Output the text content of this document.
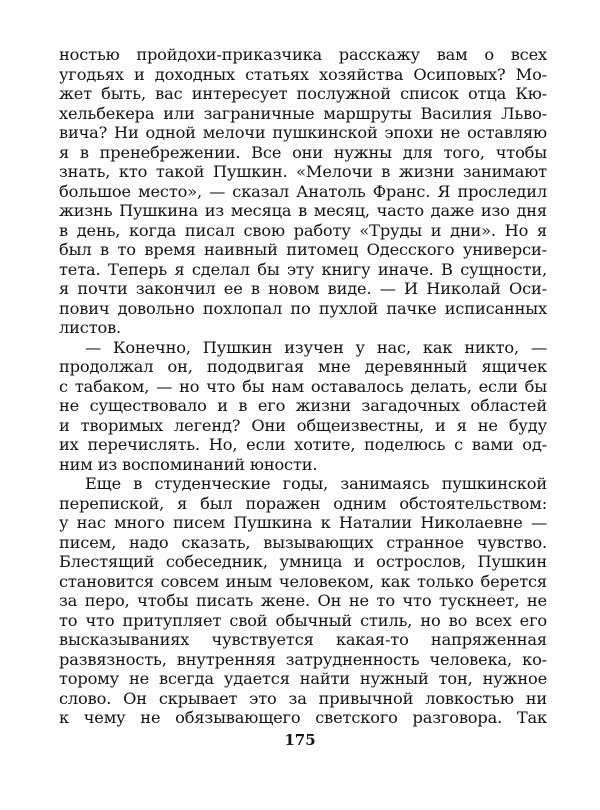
ностью пройдохи-приказчика расскажу вам о всех
угодьях и доходных статьях хозяйства Осиповых? Мо-
жет быть, вас интересует послужной список отца Кю-
хельбекера или заграничные маршруты Василия Льво-
вича? Ни одной мелочи пушкинской эпохи не оставляю
я в пренебрежении. Все они нужны для того, чтобы
знать, кто такой Пушкин. «Мелочи в жизни занимают
большое место», — сказал Анатоль Франс. Я проследил
жизнь Пушкина из месяца в месяц, часто даже изо дня
в день, когда писал свою работу «Труды и дни». Но я
был в то время наивный питомец Одесского универси-
тета. Теперь я сделал бы эту книгу иначе. В сущности,
я почти закончил ее в новом виде. — И Николай Оси-
пович довольно похлопал по пухлой пачке исписанных
листов.
— Конечно, Пушкин изучен у нас, как никто, —
продолжал он, пододвигая мне деревянный ящичек
с табаком, — но что бы нам оставалось делать, если бы
не существовало и в его жизни загадочных областей
и творимых легенд? Они общеизвестны, и я не буду
их перечислять. Но, если хотите, поделюсь с вами од-
ним из воспоминаний юности.
Еще в студенческие годы, занимаясь пушкинской
перепиской, я был поражен одним обстоятельством:
у нас много писем Пушкина к Наталии Николаевне —
писем, надо сказать, вызывающих странное чувство.
Блестящий собеседник, умница и острослов, Пушкин
становится совсем иным человеком, как только берется
за перо, чтобы писать жене. Он не то что тускнеет, не
то что притупляет свой обычный стиль, но во всех его
высказываниях чувствуется какая-то напряженная
развязность, внутренняя затрудненность человека, ко-
торому не всегда удается найти нужный тон, нужное
слово. Он скрывает это за привычной ловкостью ни
к чему не обязывающего светского разговора. Так
175
